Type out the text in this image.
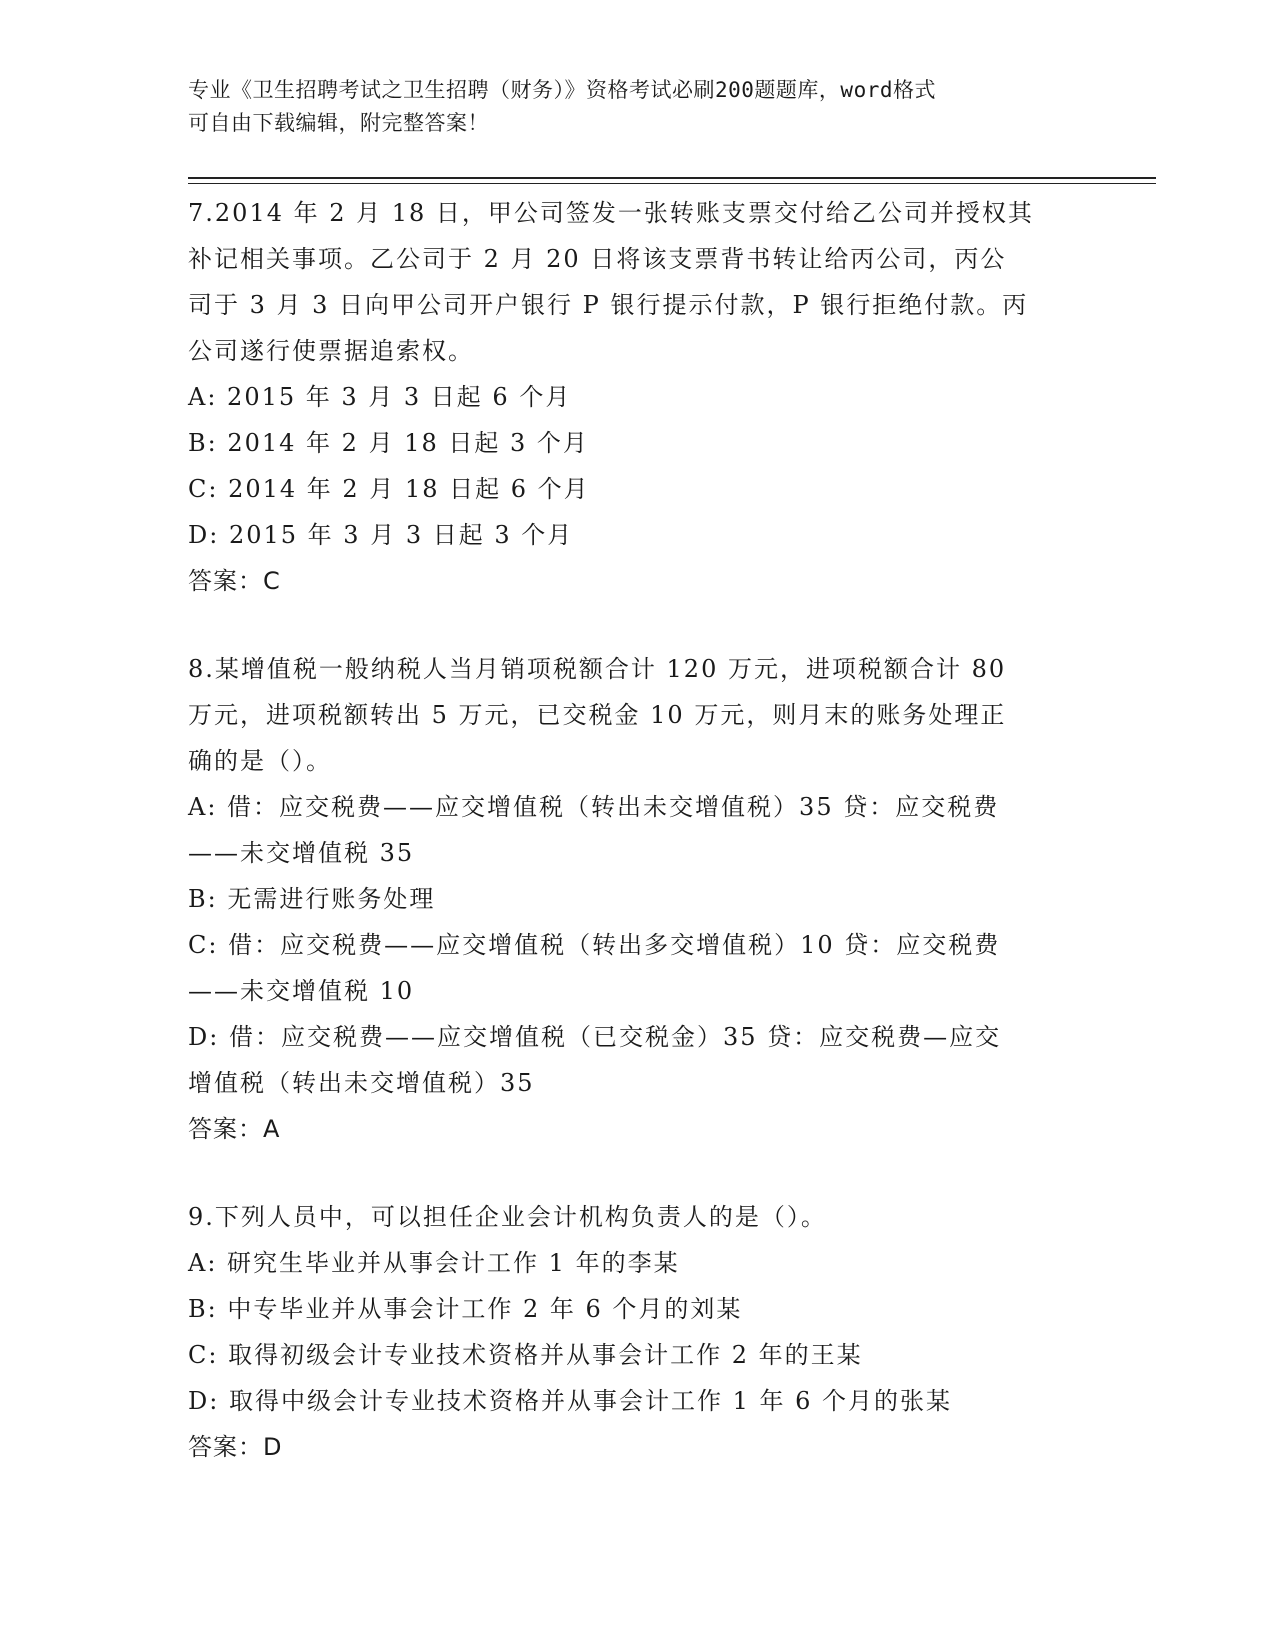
专业《卫生招聘考试之卫生招聘（财务）》资格考试必刷200题题库，word格式
可自由下载编辑，附完整答案！
7.2014 年 2 月 18 日，甲公司签发一张转账支票交付给乙公司并授权其
补记相关事项。乙公司于 2 月 20 日将该支票背书转让给丙公司，丙公
司于 3 月 3 日向甲公司开户银行 P 银行提示付款，P 银行拒绝付款。丙
公司遂行使票据追索权。
A: 2015 年 3 月 3 日起 6 个月
B: 2014 年 2 月 18 日起 3 个月
C: 2014 年 2 月 18 日起 6 个月
D: 2015 年 3 月 3 日起 3 个月
答案：C
8.某增值税一般纳税人当月销项税额合计 120 万元，进项税额合计 80
万元，进项税额转出 5 万元，已交税金 10 万元，则月末的账务处理正
确的是（）。
A: 借：应交税费——应交增值税（转出未交增值税）35 贷：应交税费
——未交增值税 35
B: 无需进行账务处理
C: 借：应交税费——应交增值税（转出多交增值税）10 贷：应交税费
——未交增值税 10
D: 借：应交税费——应交增值税（已交税金）35 贷：应交税费—应交
增值税（转出未交增值税）35
答案：A
9.下列人员中，可以担任企业会计机构负责人的是（）。
A: 研究生毕业并从事会计工作 1 年的李某
B: 中专毕业并从事会计工作 2 年 6 个月的刘某
C: 取得初级会计专业技术资格并从事会计工作 2 年的王某
D: 取得中级会计专业技术资格并从事会计工作 1 年 6 个月的张某
答案：D
